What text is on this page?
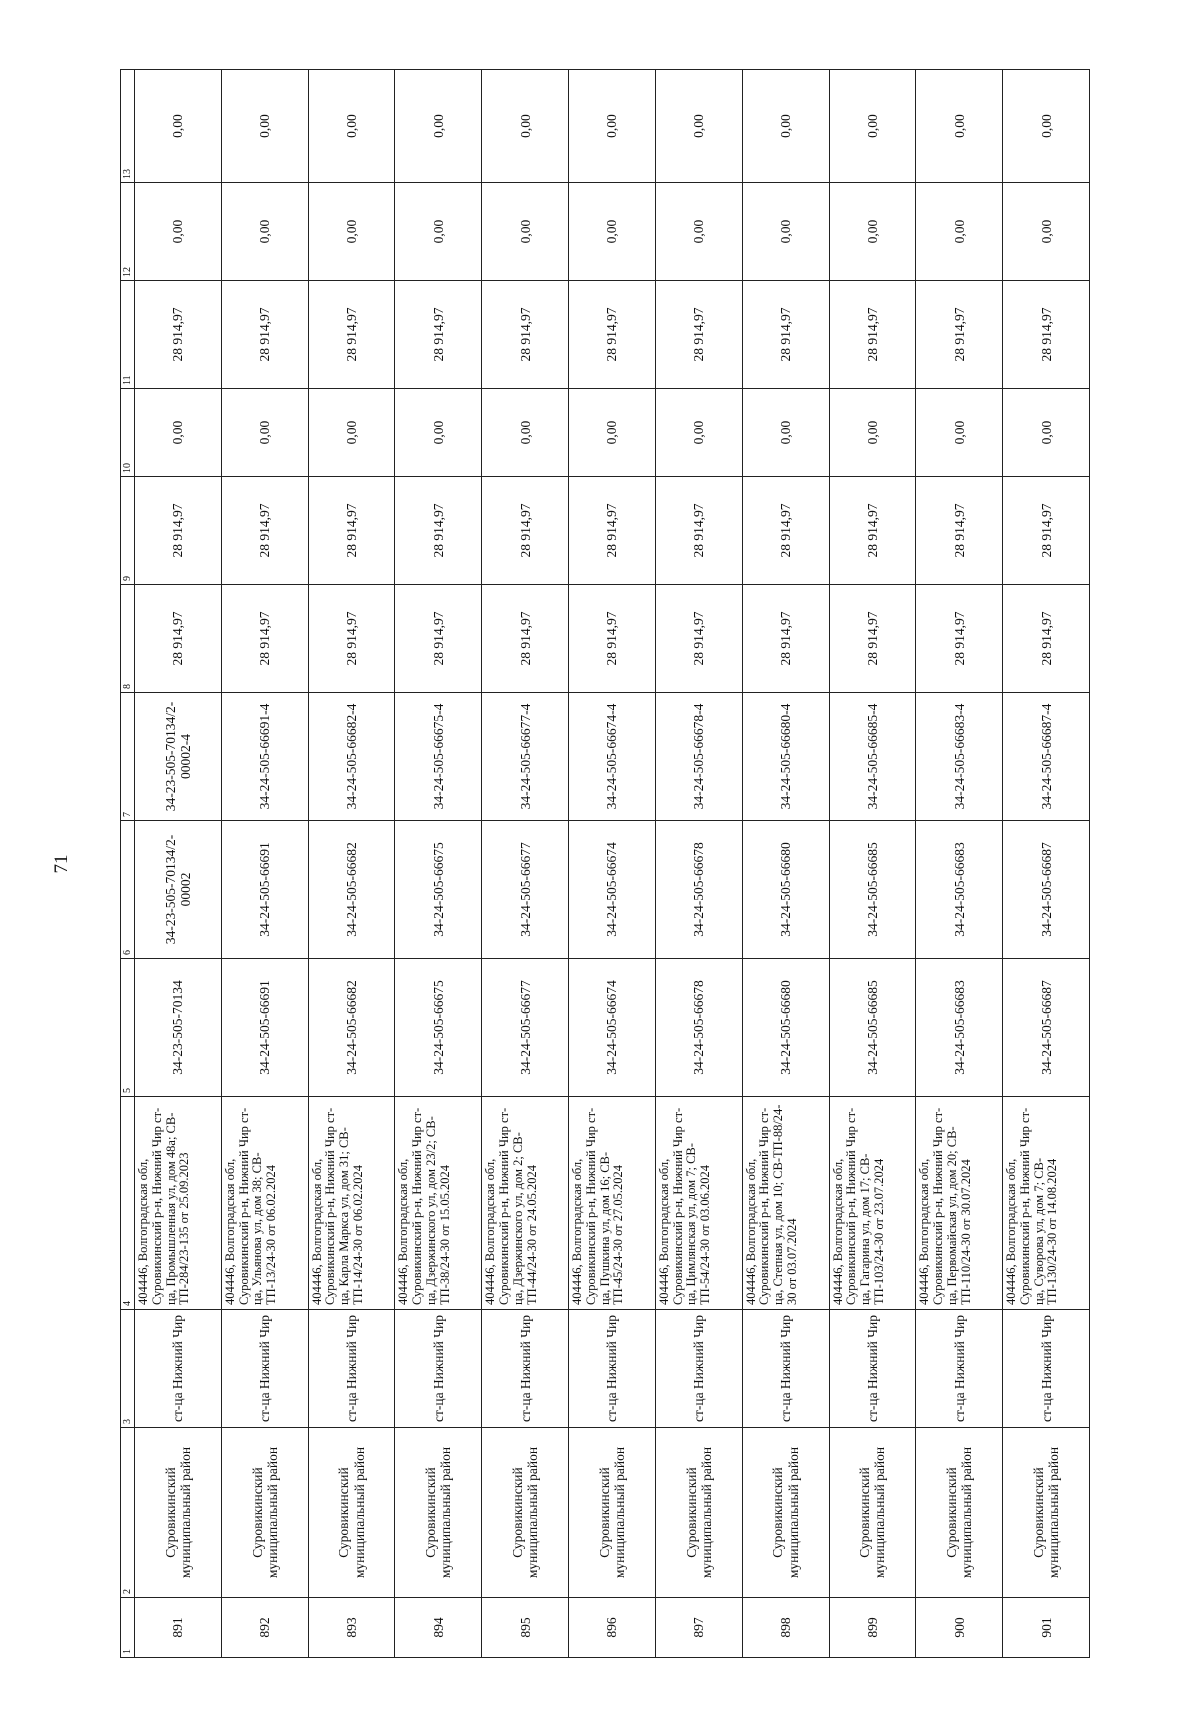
71
1	2	3	4	5	6	7	8	9	10	11	12	13
891	Суровикинский муниципальный район	ст-ца Нижний Чир	404446, Волгоградская обл, Суровикинский р-н, Нижний Чир ст-ца, Промышленная ул, дом 48а; СВ-ТП-284/23-135 от 25.09.2023	34-23-505-70134	34-23-505-70134/2-00002	34-23-505-70134/2-00002-4	28 914,97	28 914,97	0,00	28 914,97	0,00	0,00
892	Суровикинский муниципальный район	ст-ца Нижний Чир	404446, Волгоградская обл, Суровикинский р-н, Нижний Чир ст-ца, Ульянова ул, дом 38; СВ-ТП-13/24-30 от 06.02.2024	34-24-505-66691	34-24-505-66691	34-24-505-66691-4	28 914,97	28 914,97	0,00	28 914,97	0,00	0,00
893	Суровикинский муниципальный район	ст-ца Нижний Чир	404446, Волгоградская обл, Суровикинский р-н, Нижний Чир ст-ца, Карла Маркса ул, дом 31; СВ-ТП-14/24-30 от 06.02.2024	34-24-505-66682	34-24-505-66682	34-24-505-66682-4	28 914,97	28 914,97	0,00	28 914,97	0,00	0,00
894	Суровикинский муниципальный район	ст-ца Нижний Чир	404446, Волгоградская обл, Суровикинский р-н, Нижний Чир ст-ца, Дзержинского ул, дом 23/2; СВ-ТП-38/24-30 от 15.05.2024	34-24-505-66675	34-24-505-66675	34-24-505-66675-4	28 914,97	28 914,97	0,00	28 914,97	0,00	0,00
895	Суровикинский муниципальный район	ст-ца Нижний Чир	404446, Волгоградская обл, Суровикинский р-н, Нижний Чир ст-ца, Дзержинского ул, дом 2; СВ-ТП-44/24-30 от 24.05.2024	34-24-505-66677	34-24-505-66677	34-24-505-66677-4	28 914,97	28 914,97	0,00	28 914,97	0,00	0,00
896	Суровикинский муниципальный район	ст-ца Нижний Чир	404446, Волгоградская обл, Суровикинский р-н, Нижний Чир ст-ца, Пушкина ул, дом 16; СВ-ТП-45/24-30 от 27.05.2024	34-24-505-66674	34-24-505-66674	34-24-505-66674-4	28 914,97	28 914,97	0,00	28 914,97	0,00	0,00
897	Суровикинский муниципальный район	ст-ца Нижний Чир	404446, Волгоградская обл, Суровикинский р-н, Нижний Чир ст-ца, Цимлянская ул, дом 7; СВ-ТП-54/24-30 от 03.06.2024	34-24-505-66678	34-24-505-66678	34-24-505-66678-4	28 914,97	28 914,97	0,00	28 914,97	0,00	0,00
898	Суровикинский муниципальный район	ст-ца Нижний Чир	404446, Волгоградская обл, Суровикинский р-н, Нижний Чир ст-ца, Степная ул, дом 10; СВ-ТП-88/24-30 от 03.07.2024	34-24-505-66680	34-24-505-66680	34-24-505-66680-4	28 914,97	28 914,97	0,00	28 914,97	0,00	0,00
899	Суровикинский муниципальный район	ст-ца Нижний Чир	404446, Волгоградская обл, Суровикинский р-н, Нижний Чир ст-ца, Гагарина ул, дом 17; СВ-ТП-103/24-30 от 23.07.2024	34-24-505-66685	34-24-505-66685	34-24-505-66685-4	28 914,97	28 914,97	0,00	28 914,97	0,00	0,00
900	Суровикинский муниципальный район	ст-ца Нижний Чир	404446, Волгоградская обл, Суровикинский р-н, Нижний Чир ст-ца, Первомайская ул, дом 20; СВ-ТП-110/24-30 от 30.07.2024	34-24-505-66683	34-24-505-66683	34-24-505-66683-4	28 914,97	28 914,97	0,00	28 914,97	0,00	0,00
901	Суровикинский муниципальный район	ст-ца Нижний Чир	404446, Волгоградская обл, Суровикинский р-н, Нижний Чир ст-ца, Суворова ул, дом 7; СВ-ТП-130/24-30 от 14.08.2024	34-24-505-66687	34-24-505-66687	34-24-505-66687-4	28 914,97	28 914,97	0,00	28 914,97	0,00	0,00
